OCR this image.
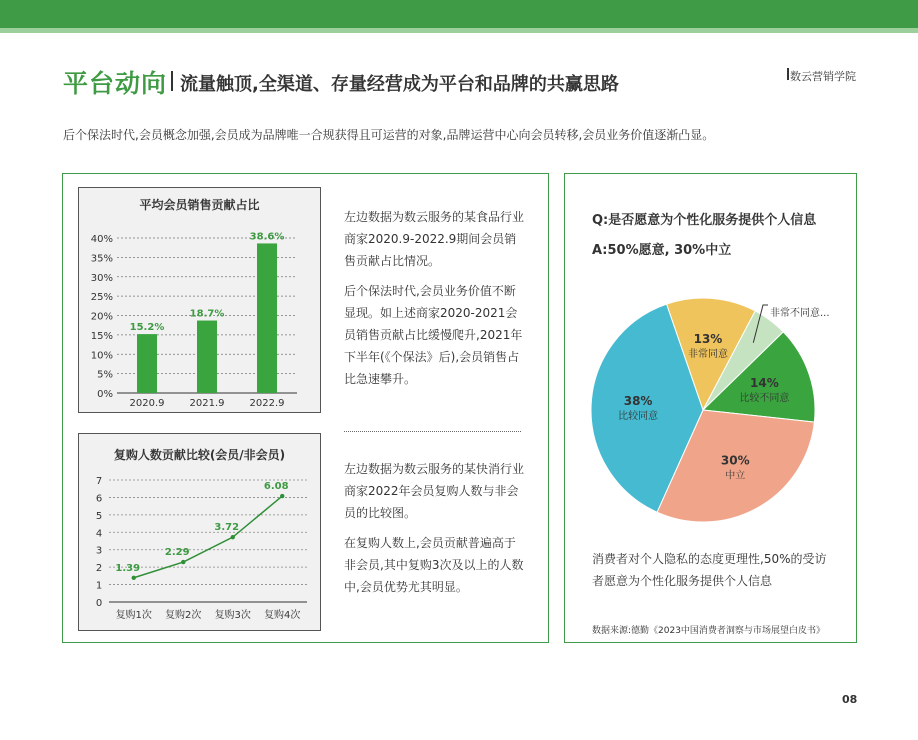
平台动向 流量触顶,全渠道、存量经营成为平台和品牌的共赢思路	数云营销学院
后个保法时代,会员概念加强,会员成为品牌唯一合规获得且可运营的对象,品牌运营中心向会员转移,会员业务价值逐渐凸显。
平均会员销售贡献占比
0%
5%
10%
15%
20%
25%
30%
35%
40%
15.2%
2020.9
18.7%
2021.9
38.6%
2022.9
复购人数贡献比较(会员/非会员)
0
1
2
3
4
5
6
7
1.39
复购1次
2.29
复购2次
3.72
复购3次
6.08
复购4次
左边数据为数云服务的某食品行业商家2020.9-2022.9期间会员销售贡献占比情况。
后个保法时代,会员业务价值不断显现。如上述商家2020-2021会员销售贡献占比缓慢爬升,2021年下半年(《个保法》后),会员销售占比急速攀升。
左边数据为数云服务的某快消行业商家2022年会员复购人数与非会员的比较图。
在复购人数上,会员贡献普遍高于非会员,其中复购3次及以上的人数中,会员优势尤其明显。
Q:是否愿意为个性化服务提供个人信息
A:50%愿意, 30%中立
13%
非常同意
非常不同意...
14%
比较不同意
30%
中立
38%
比较同意
消费者对个人隐私的态度更理性,50%的受访者愿意为个性化服务提供个人信息
数据来源:德勤《2023中国消费者洞察与市场展望白皮书》
08
